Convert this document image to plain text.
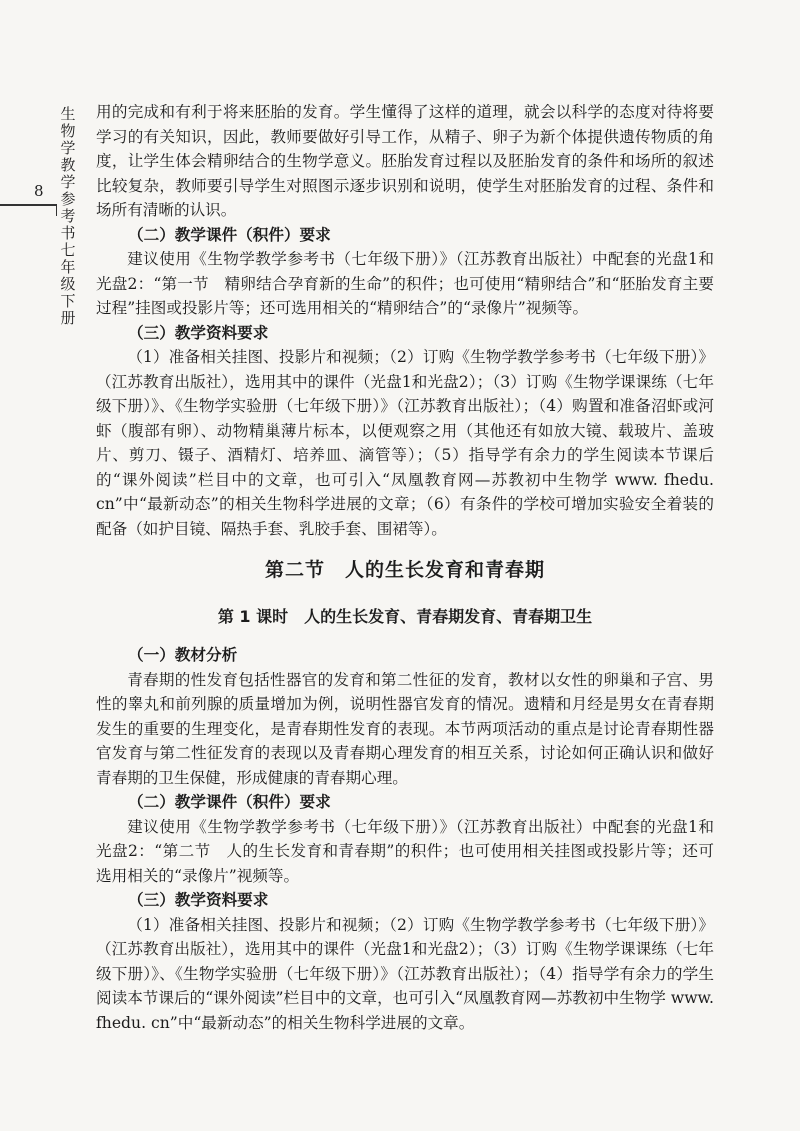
生物学教学参考书七年级下册
8

用的完成和有利于将来胚胎的发育。学生懂得了这样的道理，就会以科学的态度对待将要学习的有关知识，因此，教师要做好引导工作，从精子、卵子为新个体提供遗传物质的角度，让学生体会精卵结合的生物学意义。胚胎发育过程以及胚胎发育的条件和场所的叙述比较复杂，教师要引导学生对照图示逐步识别和说明，使学生对胚胎发育的过程、条件和场所有清晰的认识。

（二）教学课件（积件）要求

建议使用《生物学教学参考书（七年级下册）》（江苏教育出版社）中配套的光盘1和光盘2：“第一节　精卵结合孕育新的生命”的积件；也可使用“精卵结合”和“胚胎发育主要过程”挂图或投影片等；还可选用相关的“精卵结合”的“录像片”视频等。

（三）教学资料要求

（1）准备相关挂图、投影片和视频；（2）订购《生物学教学参考书（七年级下册）》（江苏教育出版社），选用其中的课件（光盘1和光盘2）；（3）订购《生物学课课练（七年级下册）》、《生物学实验册（七年级下册）》（江苏教育出版社）；（4）购置和准备沼虾或河虾（腹部有卵）、动物精巢薄片标本，以便观察之用（其他还有如放大镜、载玻片、盖玻片、剪刀、镊子、酒精灯、培养皿、滴管等）；（5）指导学有余力的学生阅读本节课后的“课外阅读”栏目中的文章，也可引入“凤凰教育网—苏教初中生物学 www. fhedu. cn”中“最新动态”的相关生物科学进展的文章；（6）有条件的学校可增加实验安全着装的配备（如护目镜、隔热手套、乳胶手套、围裙等）。

第二节　人的生长发育和青春期
第 1 课时　人的生长发育、青春期发育、青春期卫生
（一）教材分析

青春期的性发育包括性器官的发育和第二性征的发育，教材以女性的卵巢和子宫、男性的睾丸和前列腺的质量增加为例，说明性器官发育的情况。遗精和月经是男女在青春期发生的重要的生理变化，是青春期性发育的表现。本节两项活动的重点是讨论青春期性器官发育与第二性征发育的表现以及青春期心理发育的相互关系，讨论如何正确认识和做好青春期的卫生保健，形成健康的青春期心理。

（二）教学课件（积件）要求

建议使用《生物学教学参考书（七年级下册）》（江苏教育出版社）中配套的光盘1和光盘2：“第二节　人的生长发育和青春期”的积件；也可使用相关挂图或投影片等；还可选用相关的“录像片”视频等。

（三）教学资料要求

（1）准备相关挂图、投影片和视频；（2）订购《生物学教学参考书（七年级下册）》（江苏教育出版社），选用其中的课件（光盘1和光盘2）；（3）订购《生物学课课练（七年级下册）》、《生物学实验册（七年级下册）》（江苏教育出版社）；（4）指导学有余力的学生阅读本节课后的“课外阅读”栏目中的文章，也可引入“凤凰教育网—苏教初中生物学 www. fhedu. cn”中“最新动态”的相关生物科学进展的文章。
